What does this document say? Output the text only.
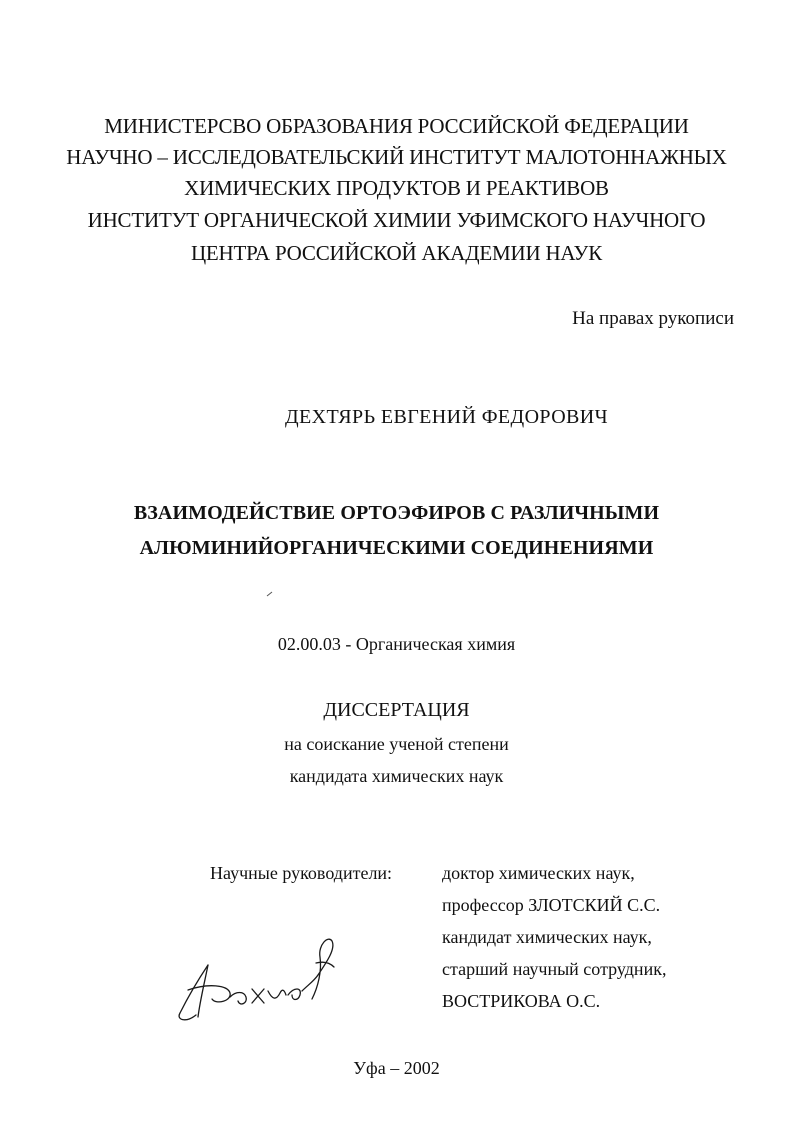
МИНИСТЕРСВО ОБРАЗОВАНИЯ РОССИЙСКОЙ ФЕДЕРАЦИИ
НАУЧНО – ИССЛЕДОВАТЕЛЬСКИЙ ИНСТИТУТ МАЛОТОННАЖНЫХ
ХИМИЧЕСКИХ ПРОДУКТОВ И РЕАКТИВОВ
ИНСТИТУТ ОРГАНИЧЕСКОЙ ХИМИИ УФИМСКОГО НАУЧНОГО
ЦЕНТРА РОССИЙСКОЙ АКАДЕМИИ НАУК
На правах рукописи
ДЕХТЯРЬ ЕВГЕНИЙ ФЕДОРОВИЧ
ВЗАИМОДЕЙСТВИЕ ОРТОЭФИРОВ С РАЗЛИЧНЫМИ
АЛЮМИНИЙОРГАНИЧЕСКИМИ СОЕДИНЕНИЯМИ
02.00.03 - Органическая химия
ДИССЕРТАЦИЯ
на соискание ученой степени
кандидата химических наук
Научные руководители:	доктор химических наук,
профессор ЗЛОТСКИЙ С.С.
кандидат химических наук,
старший научный сотрудник,
ВОСТРИКОВА О.С.
Уфа – 2002
